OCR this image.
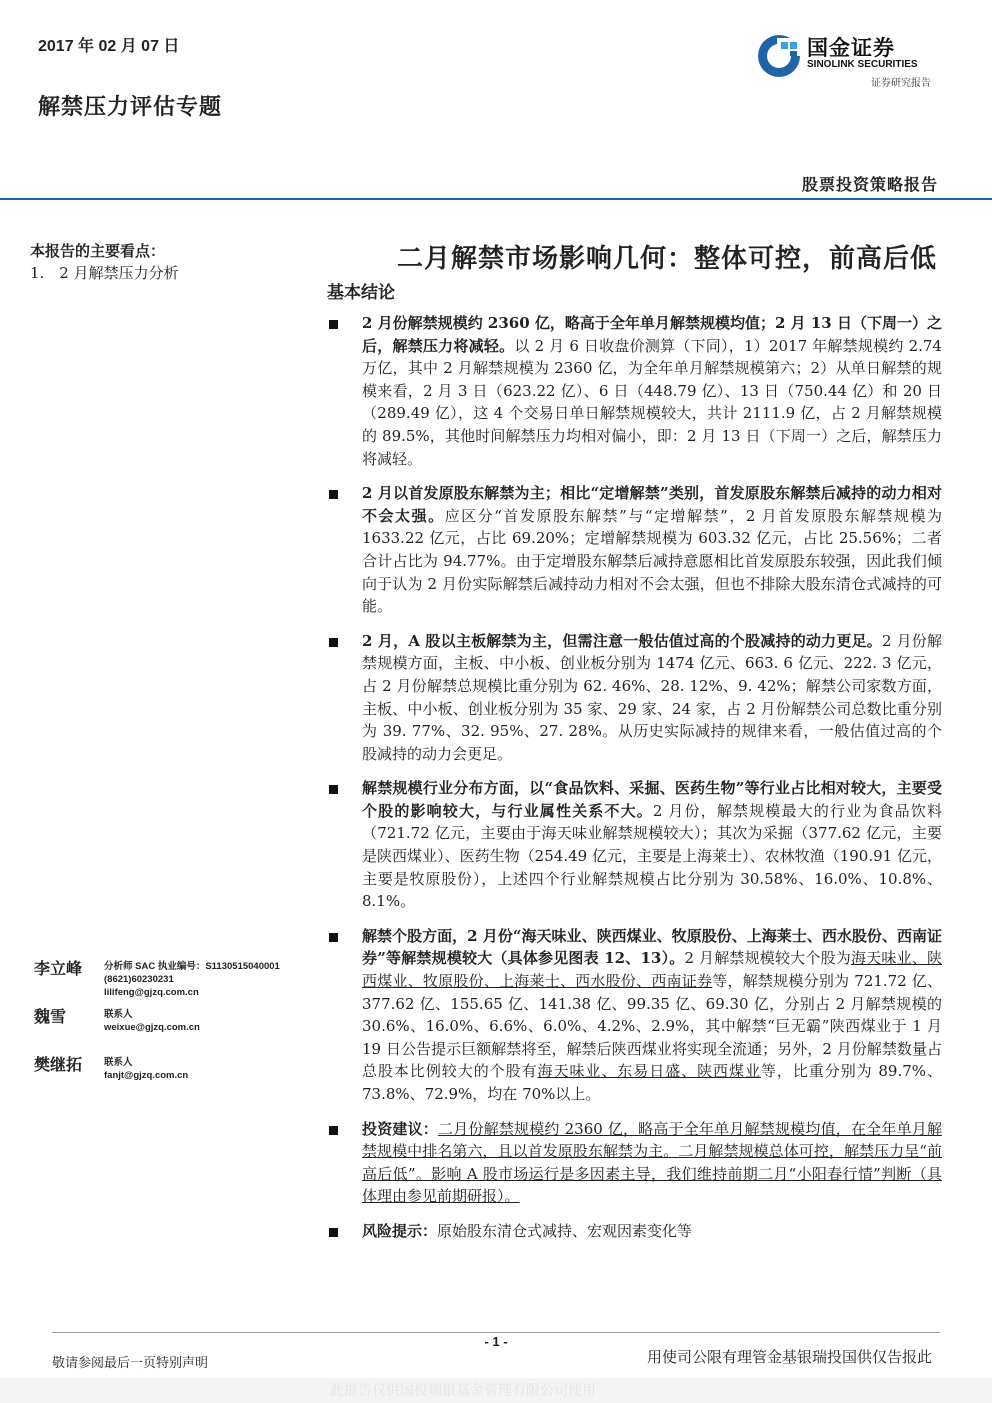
2017 年 02 月 07 日
解禁压力评估专题
国金证券
SINOLINK SECURITIES
证券研究报告
股票投资策略报告
本报告的主要看点：
1.　2 月解禁压力分析	二月解禁市场影响几何：整体可控，前高后低
基本结论
2 月份解禁规模约 2360 亿，略高于全年单月解禁规模均值；2 月 13 日（下周一）之后，解禁压力将减轻。以 2 月 6 日收盘价测算（下同），1）2017 年解禁规模约 2.74 万亿，其中 2 月解禁规模为 2360 亿，为全年单月解禁规模第六；2）从单日解禁的规模来看，2 月 3 日（623.22 亿）、6 日（448.79 亿）、13 日（750.44 亿）和 20 日（289.49 亿），这 4 个交易日单日解禁规模较大，共计 2111.9 亿，占 2 月解禁规模的 89.5%，其他时间解禁压力均相对偏小，即：2 月 13 日（下周一）之后，解禁压力将减轻。
2 月以首发原股东解禁为主；相比“定增解禁”类别，首发原股东解禁后减持的动力相对不会太强。应区分“首发原股东解禁”与“定增解禁”，2 月首发原股东解禁规模为 1633.22 亿元，占比 69.20%；定增解禁规模为 603.32 亿元，占比 25.56%；二者合计占比为 94.77%。由于定增股东解禁后减持意愿相比首发原股东较强，因此我们倾向于认为 2 月份实际解禁后减持动力相对不会太强，但也不排除大股东清仓式减持的可能。
2 月，A 股以主板解禁为主，但需注意一般估值过高的个股减持的动力更足。2 月份解禁规模方面，主板、中小板、创业板分别为 1474 亿元、663. 6 亿元、222. 3 亿元，占 2 月份解禁总规模比重分别为 62. 46%、28. 12%、9. 42%；解禁公司家数方面，主板、中小板、创业板分别为 35 家、29 家、24 家，占 2 月份解禁公司总数比重分别为 39. 77%、32. 95%、27. 28%。从历史实际减持的规律来看，一般估值过高的个股减持的动力会更足。
解禁规模行业分布方面，以“食品饮料、采掘、医药生物”等行业占比相对较大，主要受个股的影响较大，与行业属性关系不大。2 月份，解禁规模最大的行业为食品饮料（721.72 亿元，主要由于海天味业解禁规模较大）；其次为采掘（377.62 亿元，主要是陕西煤业）、医药生物（254.49 亿元，主要是上海莱士）、农林牧渔（190.91 亿元，主要是牧原股份），上述四个行业解禁规模占比分别为 30.58%、16.0%、10.8%、8.1%。
解禁个股方面，2 月份“海天味业、陕西煤业、牧原股份、上海莱士、西水股份、西南证券”等解禁规模较大（具体参见图表 12、13）。2 月解禁规模较大个股为海天味业、陕西煤业、牧原股份、上海莱士、西水股份、西南证券等，解禁规模分别为 721.72 亿、377.62 亿、155.65 亿、141.38 亿、99.35 亿、69.30 亿，分别占 2 月解禁规模的 30.6%、16.0%、6.6%、6.0%、4.2%、2.9%，其中解禁“巨无霸”陕西煤业于 1 月 19 日公告提示巨额解禁将至，解禁后陕西煤业将实现全流通；另外，2 月份解禁数量占总股本比例较大的个股有海天味业、东易日盛、陕西煤业等，比重分别为 89.7%、73.8%、72.9%，均在 70%以上。
投资建议：二月份解禁规模约 2360 亿，略高于全年单月解禁规模均值，在全年单月解禁规模中排名第六，且以首发原股东解禁为主。二月解禁规模总体可控，解禁压力呈“前高后低”。影响 A 股市场运行是多因素主导，我们维持前期二月“小阳春行情”判断（具体理由参见前期研报）。
风险提示：原始股东清仓式减持、宏观因素变化等
李立峰 分析师 SAC 执业编号：S1130515040001
(8621)60230231
lilifeng@gjzq.com.cn
魏雪	联系人
weixue@gjzq.com.cn
樊继拓 联系人
fanjt@gjzq.com.cn
- 1 -
敬请参阅最后一页特别声明	用使司公限有理管金基银瑞投国供仅告报此
此报告仅供国投瑞银基金管理有限公司使用
